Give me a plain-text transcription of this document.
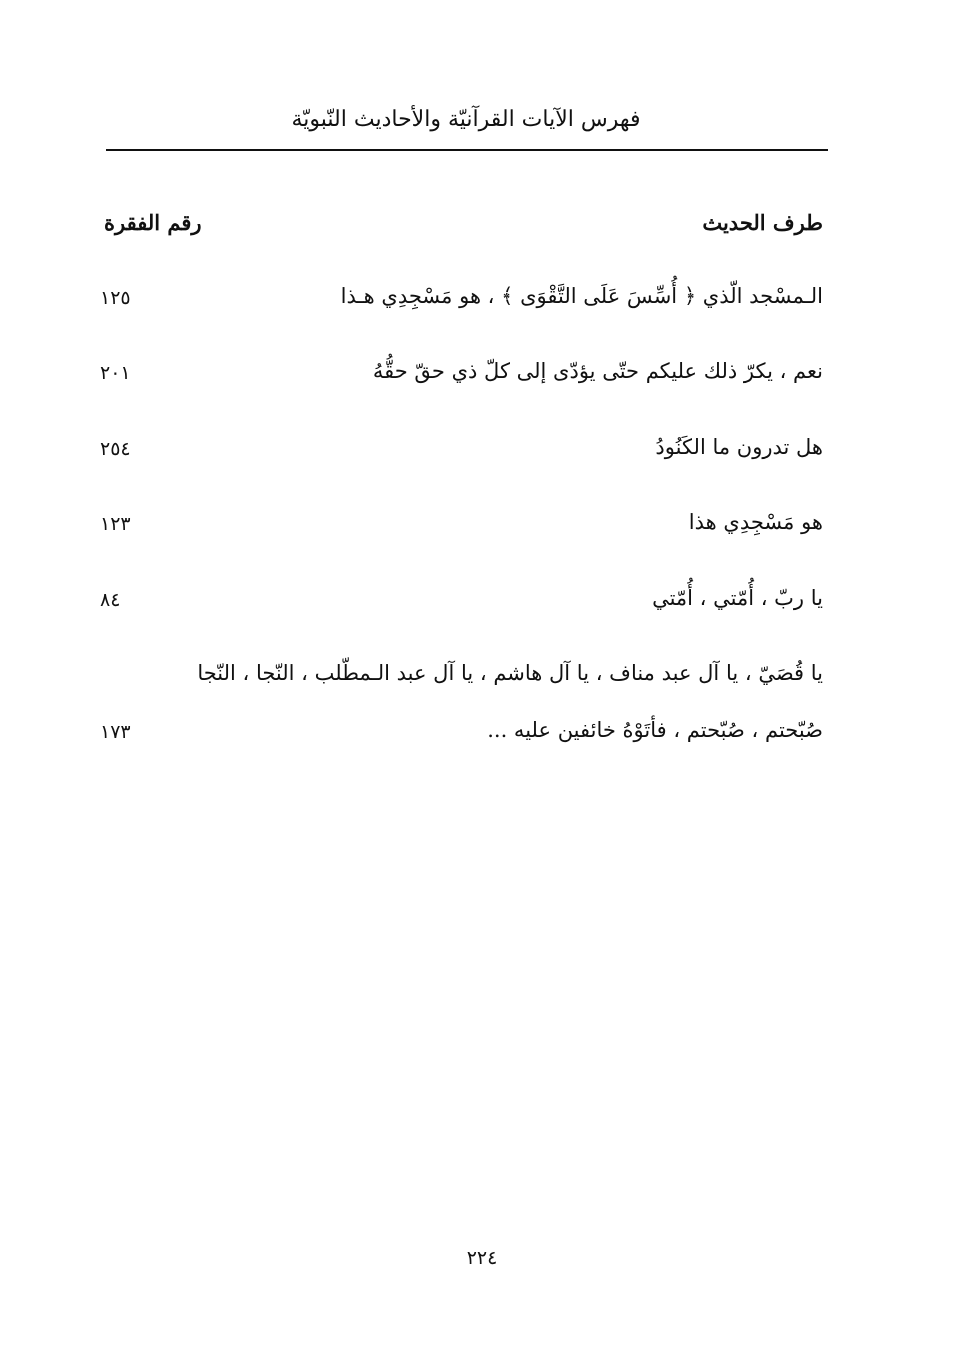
فهرس الآيات القرآنيّة والأحاديث النّبويّة
طرف الحديث
رقم الفقرة
الـمسْجد الّذي ﴿ أُسِّسَ عَلَى التَّقْوَى ﴾ ، هو مَسْجِدِي هـذا
١٢٥
نعم ، يكرّ ذلك عليكم حتّى يؤدّى إلى كلّ ذي حقّ حقُّهُ
٢٠١
هل تدرون ما الكَنُودُ
٢٥٤
هو مَسْجِدِي هذا
١٢٣
يا ربّ ، أُمّتي ، أُمّتي
٨٤
يا قُصَيّ ، يا آل عبد مناف ، يا آل هاشم ، يا آل عبد الـمطّلب ، النّجا ، النّجا
صُبّحتم ، صُبّحتم ، فأتَوْهُ خائفين عليه ...
١٧٣
٢٢٤
